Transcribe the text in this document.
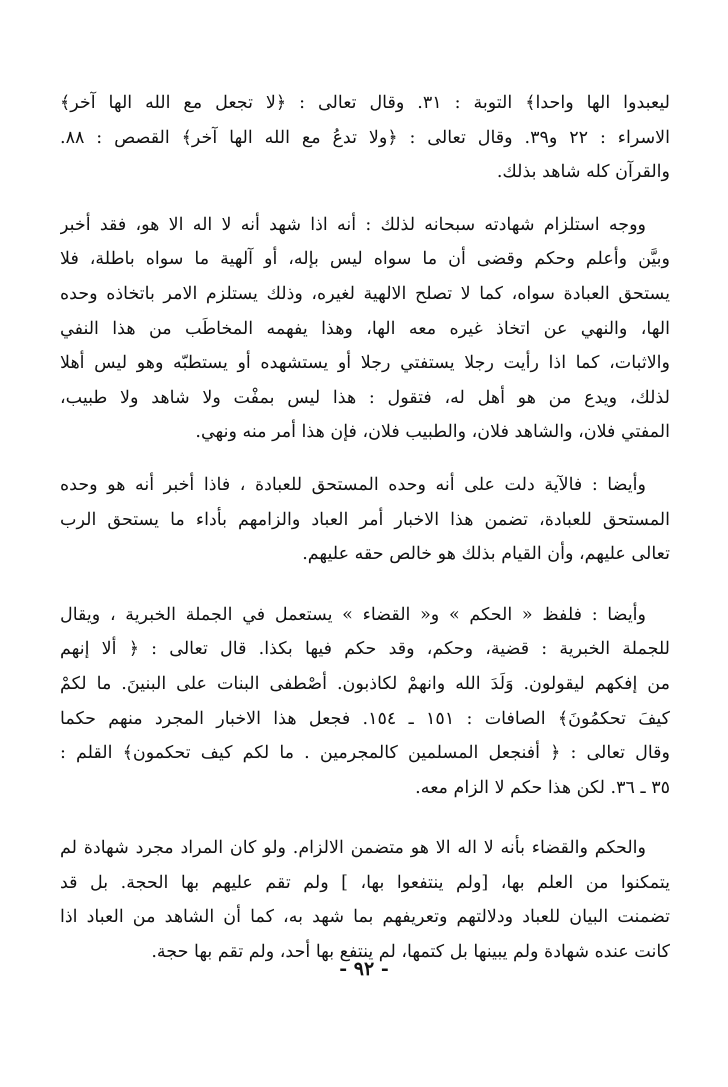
ليعبدوا الها واحدا﴾ التوبة : ٣١. وقال تعالى : ﴿لا تجعل مع الله الها آخر﴾
الاسراء : ٢٢ و٣٩. وقال تعالى : ﴿ولا تدعُ مع الله الها آخر﴾ القصص : ٨٨.
والقرآن كله شاهد بذلك.
ووجه استلزام شهادته سبحانه لذلك : أنه اذا شهد أنه لا اله الا هو، فقد أخبر
وبيَّن وأعلم وحكم وقضى أن ما سواه ليس بإله، أو آلهية ما سواه باطلة، فلا
يستحق العبادة سواه، كما لا تصلح الالهية لغيره، وذلك يستلزم الامر باتخاذه وحده
الها، والنهي عن اتخاذ غيره معه الها، وهذا يفهمه المخاطَب من هذا النفي
والاثبات، كما اذا رأيت رجلا يستفتي رجلا أو يستشهده أو يستطبّه وهو ليس أهلا
لذلك، ويدع من هو أهل له، فتقول : هذا ليس بمفْت ولا شاهد ولا طبيب،
المفتي فلان، والشاهد فلان، والطبيب فلان، فإن هذا أمر منه ونهي.
وأيضا : فالآية دلت على أنه وحده المستحق للعبادة ، فاذا أخبر أنه هو وحده
المستحق للعبادة، تضمن هذا الاخبار أمر العباد والزامهم بأداء ما يستحق الرب
تعالى عليهم، وأن القيام بذلك هو خالص حقه عليهم.
وأيضا : فلفظ « الحكم » و« القضاء » يستعمل في الجملة الخبرية ، ويقال
للجملة الخبرية : قضية، وحكم، وقد حكم فيها بكذا. قال تعالى : ﴿ ألا إنهم
من إفكهم ليقولون. وَلَدَ الله وانهمْ لكاذبون. أصْطفى البنات على البنينَ. ما لكمْ
كيفَ تحكمُونَ﴾ الصافات : ١٥١ ـ ١٥٤. فجعل هذا الاخبار المجرد منهم حكما
وقال تعالى : ﴿ أفنجعل المسلمين كالمجرمين . ما لكم كيف تحكمون﴾ القلم :
٣٥ ـ ٣٦. لكن هذا حكم لا الزام معه.
والحكم والقضاء بأنه لا اله الا هو متضمن الالزام. ولو كان المراد مجرد شهادة لم
يتمكنوا من العلم بها، [ولم ينتفعوا بها، ] ولم تقم عليهم بها الحجة. بل قد
تضمنت البيان للعباد ودلالتهم وتعريفهم بما شهد به، كما أن الشاهد من العباد اذا
كانت عنده شهادة ولم يبينها بل كتمها، لم ينتفع بها أحد، ولم تقم بها حجة.
- ٩٢ -
